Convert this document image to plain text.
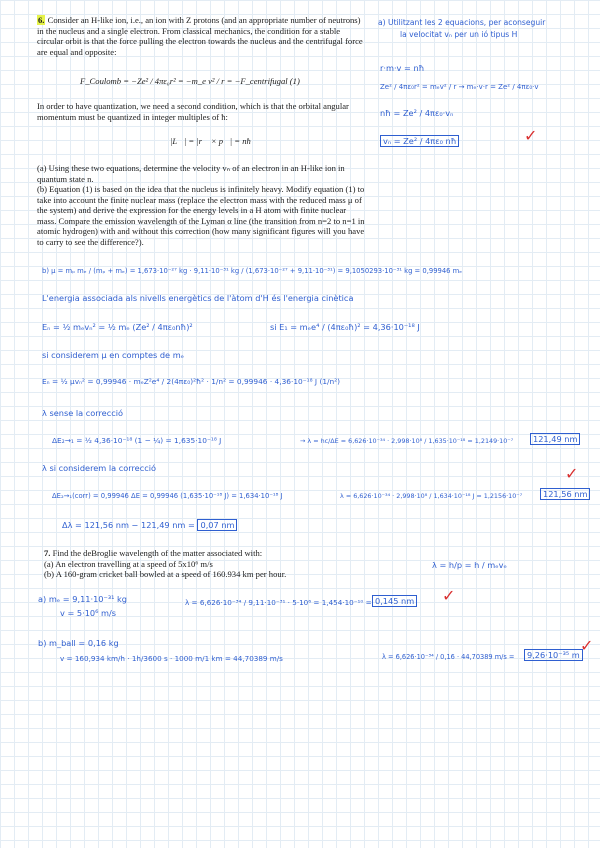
6. Consider an H-like ion, i.e., an ion with Z protons (and an appropriate number of neutrons) in the nucleus and a single electron. From classical mechanics, the condition for a stable circular orbit is that the force pulling the electron towards the nucleus and the centrifugal force are equal and opposite:

F_Coulomb = −Ze² / 4πε₀r² = −m_e v² / r = −F_centrifugal (1)
In order to have quantization, we need a second condition, which is that the orbital angular momentum must be quantized in integer multiples of ħ:
|L⃗| = |r⃗ × p⃗| = nħ
(a) Using these two equations, determine the velocity vₙ of an electron in an H-like ion in quantum state n.
(b) Equation (1) is based on the idea that the nucleus is infinitely heavy. Modify equation (1) to take into account the finite nuclear mass (replace the electron mass with the reduced mass μ of the system) and derive the expression for the energy levels in a H atom with finite nuclear mass. Compare the emission wavelength of the Lyman α line (the transition from n=2 to n=1 in atomic hydrogen) with and without this correction (how many significant figures will you have to carry to see the difference?).
a) Utilitzant les 2 equacions, per aconseguir
la velocitat vₙ per un ió tipus H
r·m·v = nħ
Ze² / 4πε₀r² = mₑv² / r → mₑ·v·r = Ze² / 4πε₀·v
nħ = Ze² / 4πε₀·vₙ
vₙ = Ze² / 4πε₀ nħ	✓
b) μ = mₚ mₑ / (mₚ + mₑ) = 1,673·10⁻²⁷ kg · 9,11·10⁻³¹ kg / (1,673·10⁻²⁷ + 9,11·10⁻³¹) = 9,1050293·10⁻³¹ kg = 0,99946 mₑ
L'energia associada als nivells energètics de l'àtom d'H és l'energia cinètica
Eₙ = ½ mₑvₙ² = ½ mₑ (Ze² / 4πε₀nħ)²	si E₁ = mₑe⁴ / (4πε₀ħ)² = 4,36·10⁻¹⁸ J
si considerem μ en comptes de mₑ
Eₙ = ½ μvₙ² = 0,99946 · mₑZ²e⁴ / 2(4πε₀)²ħ² · 1/n² = 0,99946 · 4,36·10⁻¹⁸ J (1/n²)
λ sense la correcció
ΔE₂→₁ = ½ 4,36·10⁻¹⁸ (1 − ¼) = 1,635·10⁻¹⁸ J	→ λ = hc/ΔE = 6,626·10⁻³⁴ · 2,998·10⁸ / 1,635·10⁻¹⁸ = 1,2149·10⁻⁷	121,49 nm
λ si considerem la correcció	✓
ΔE₂→₁(corr) = 0,99946 ΔE = 0,99946 (1,635·10⁻¹⁸ J) = 1,634·10⁻¹⁸ J	λ = 6,626·10⁻³⁴ · 2,998·10⁸ / 1,634·10⁻¹⁸ J = 1,2156·10⁻⁷	121,56 nm
Δλ = 121,56 nm − 121,49 nm = 0,07 nm

7. Find the deBroglie wavelength of the matter associated with:

(a) An electron travelling at a speed of 5x10⁶ m/s

(b) A 160-gram cricket ball bowled at a speed of 160.934 km per hour.

λ = h/p = h / mₑvₑ
a) mₑ = 9,11·10⁻³¹ kg
v = 5·10⁶ m/s
λ = 6,626·10⁻³⁴ / 9,11·10⁻³¹ · 5·10⁶ = 1,454·10⁻¹⁰ = 0,145 nm ✓
b) m_ball = 0,16 kg
v = 160,934 km/h · 1h/3600 s · 1000 m/1 km = 44,70389 m/s	λ = 6,626·10⁻³⁴ / 0,16 · 44,70389 m/s =	9,26·10⁻³⁵ m ✓
